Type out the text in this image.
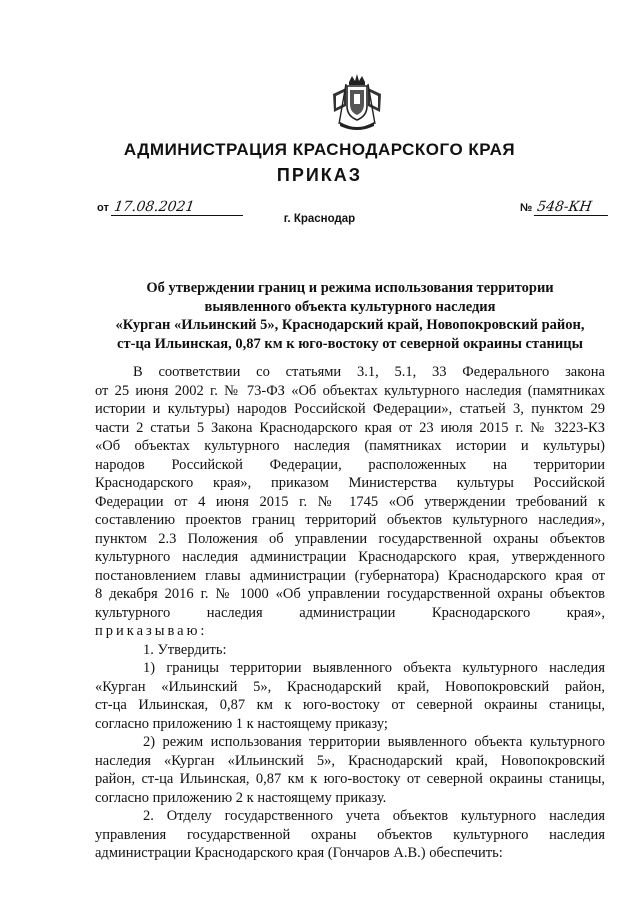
АДМИНИСТРАЦИЯ КРАСНОДАРСКОГО КРАЯ
ПРИКАЗ
от 17.08.2021	№ 548-КН
г. Краснодар
Об утверждении границ и режима использования территории
выявленного объекта культурного наследия
«Курган «Ильинский 5», Краснодарский край, Новопокровский район,
ст-ца Ильинская, 0,87 км к юго-востоку от северной окраины станицы
В соответствии со статьями 3.1, 5.1, 33 Федерального закона
от 25 июня 2002 г. № 73-ФЗ «Об объектах культурного наследия (памятниках
истории и культуры) народов Российской Федерации», статьей 3, пунктом 29
части 2 статьи 5 Закона Краснодарского края от 23 июля 2015 г. № 3223-КЗ
«Об объектах культурного наследия (памятниках истории и культуры)
народов Российской Федерации, расположенных на территории
Краснодарского края», приказом Министерства культуры Российской
Федерации от 4 июня 2015 г. № 1745 «Об утверждении требований к
составлению проектов границ территорий объектов культурного наследия»,
пунктом 2.3 Положения об управлении государственной охраны объектов
культурного наследия администрации Краснодарского края, утвержденного
постановлением главы администрации (губернатора) Краснодарского края от
8 декабря 2016 г. № 1000 «Об управлении государственной охраны объектов
культурного наследия администрации Краснодарского края»,
приказываю:
1. Утвердить:
1) границы территории выявленного объекта культурного наследия
«Курган «Ильинский 5», Краснодарский край, Новопокровский район,
ст-ца Ильинская, 0,87 км к юго-востоку от северной окраины станицы,
согласно приложению 1 к настоящему приказу;
2) режим использования территории выявленного объекта культурного
наследия «Курган «Ильинский 5», Краснодарский край, Новопокровский
район, ст-ца Ильинская, 0,87 км к юго-востоку от северной окраины станицы,
согласно приложению 2 к настоящему приказу.
2. Отделу государственного учета объектов культурного наследия
управления государственной охраны объектов культурного наследия
администрации Краснодарского края (Гончаров А.В.) обеспечить:
